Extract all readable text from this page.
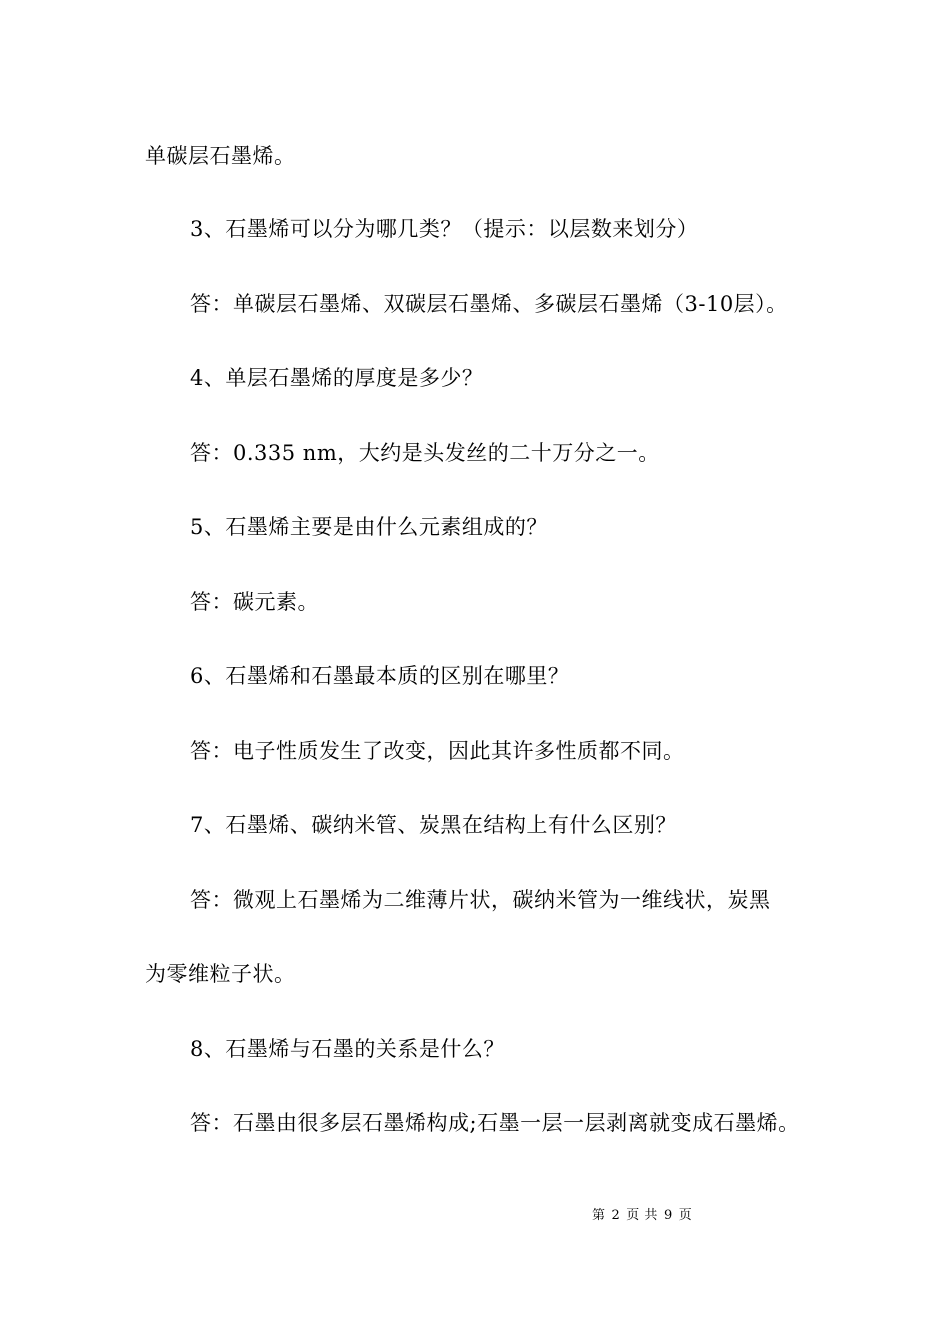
单碳层石墨烯。
3、石墨烯可以分为哪几类？（提示：以层数来划分）
答：单碳层石墨烯、双碳层石墨烯、多碳层石墨烯（3-10层）。
4、单层石墨烯的厚度是多少？
答：0.335 nm，大约是头发丝的二十万分之一。
5、石墨烯主要是由什么元素组成的？
答：碳元素。
6、石墨烯和石墨最本质的区别在哪里？
答：电子性质发生了改变，因此其许多性质都不同。
7、石墨烯、碳纳米管、炭黑在结构上有什么区别？
答：微观上石墨烯为二维薄片状，碳纳米管为一维线状，炭黑
为零维粒子状。
8、石墨烯与石墨的关系是什么？
答：石墨由很多层石墨烯构成;石墨一层一层剥离就变成石墨烯。
第 2 页 共 9 页
